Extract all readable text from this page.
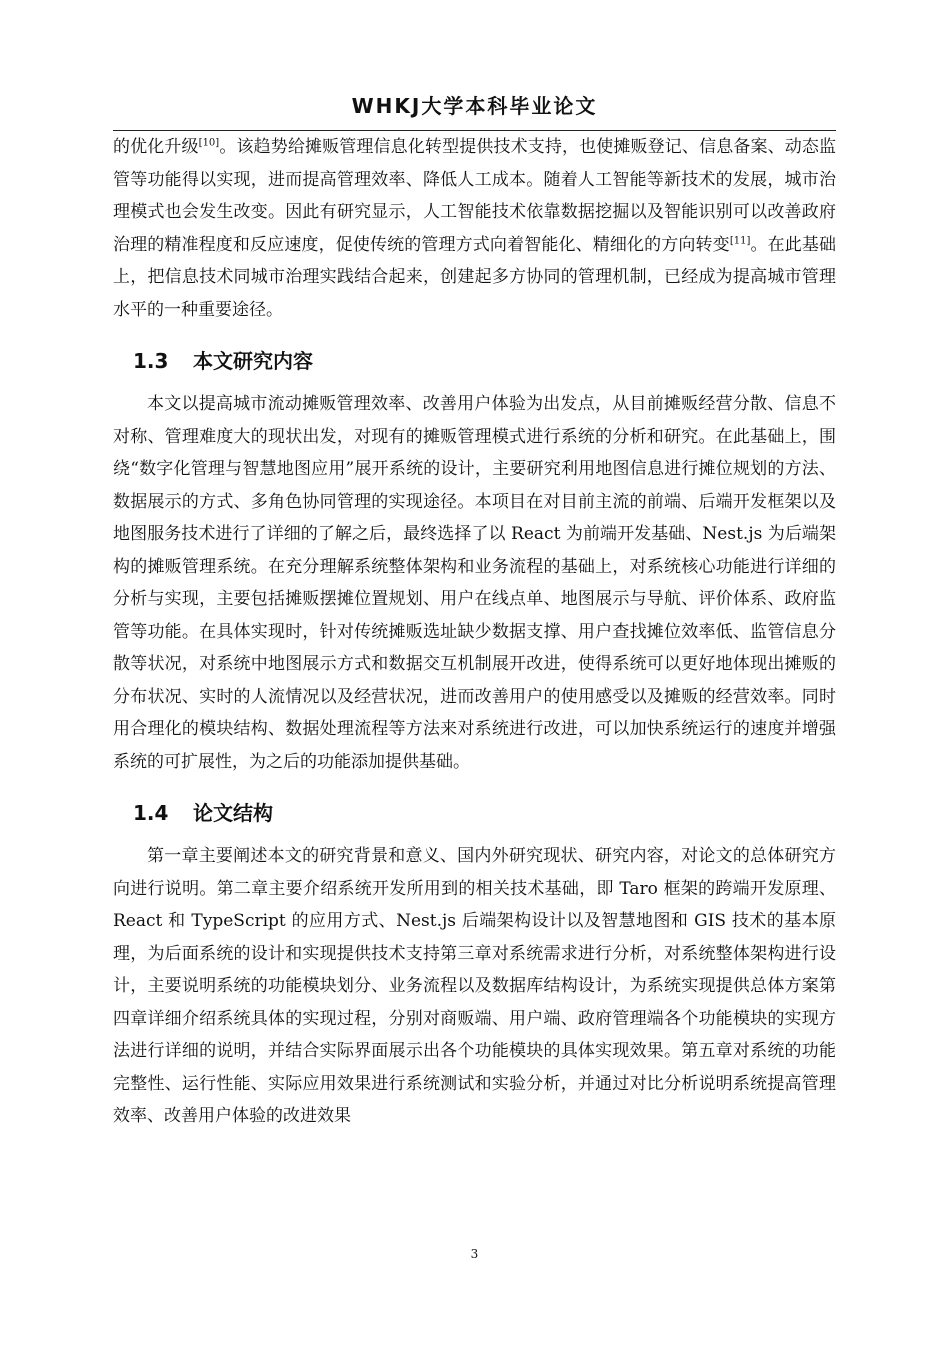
WHKJ大学本科毕业论文

的优化升级[10]。该趋势给摊贩管理信息化转型提供技术支持，也使摊贩登记、信息备案、动态监管等功能得以实现，进而提高管理效率、降低人工成本。随着人工智能等新技术的发展，城市治理模式也会发生改变。因此有研究显示，人工智能技术依靠数据挖掘以及智能识别可以改善政府治理的精准程度和反应速度，促使传统的管理方式向着智能化、精细化的方向转变[11]。在此基础上，把信息技术同城市治理实践结合起来，创建起多方协同的管理机制，已经成为提高城市管理水平的一种重要途径。

1.3 本文研究内容

本文以提高城市流动摊贩管理效率、改善用户体验为出发点，从目前摊贩经营分散、信息不对称、管理难度大的现状出发，对现有的摊贩管理模式进行系统的分析和研究。在此基础上，围绕“数字化管理与智慧地图应用”展开系统的设计，主要研究利用地图信息进行摊位规划的方法、数据展示的方式、多角色协同管理的实现途径。本项目在对目前主流的前端、后端开发框架以及地图服务技术进行了详细的了解之后，最终选择了以 React 为前端开发基础、Nest.js 为后端架构的摊贩管理系统。在充分理解系统整体架构和业务流程的基础上，对系统核心功能进行详细的分析与实现，主要包括摊贩摆摊位置规划、用户在线点单、地图展示与导航、评价体系、政府监管等功能。在具体实现时，针对传统摊贩选址缺少数据支撑、用户查找摊位效率低、监管信息分散等状况，对系统中地图展示方式和数据交互机制展开改进，使得系统可以更好地体现出摊贩的分布状况、实时的人流情况以及经营状况，进而改善用户的使用感受以及摊贩的经营效率。同时用合理化的模块结构、数据处理流程等方法来对系统进行改进，可以加快系统运行的速度并增强系统的可扩展性，为之后的功能添加提供基础。

1.4 论文结构

第一章主要阐述本文的研究背景和意义、国内外研究现状、研究内容，对论文的总体研究方向进行说明。第二章主要介绍系统开发所用到的相关技术基础，即 Taro 框架的跨端开发原理、React 和 TypeScript 的应用方式、Nest.js 后端架构设计以及智慧地图和 GIS 技术的基本原理，为后面系统的设计和实现提供技术支持第三章对系统需求进行分析，对系统整体架构进行设计，主要说明系统的功能模块划分、业务流程以及数据库结构设计，为系统实现提供总体方案第四章详细介绍系统具体的实现过程，分别对商贩端、用户端、政府管理端各个功能模块的实现方法进行详细的说明，并结合实际界面展示出各个功能模块的具体实现效果。第五章对系统的功能完整性、运行性能、实际应用效果进行系统测试和实验分析，并通过对比分析说明系统提高管理效率、改善用户体验的改进效果

3
